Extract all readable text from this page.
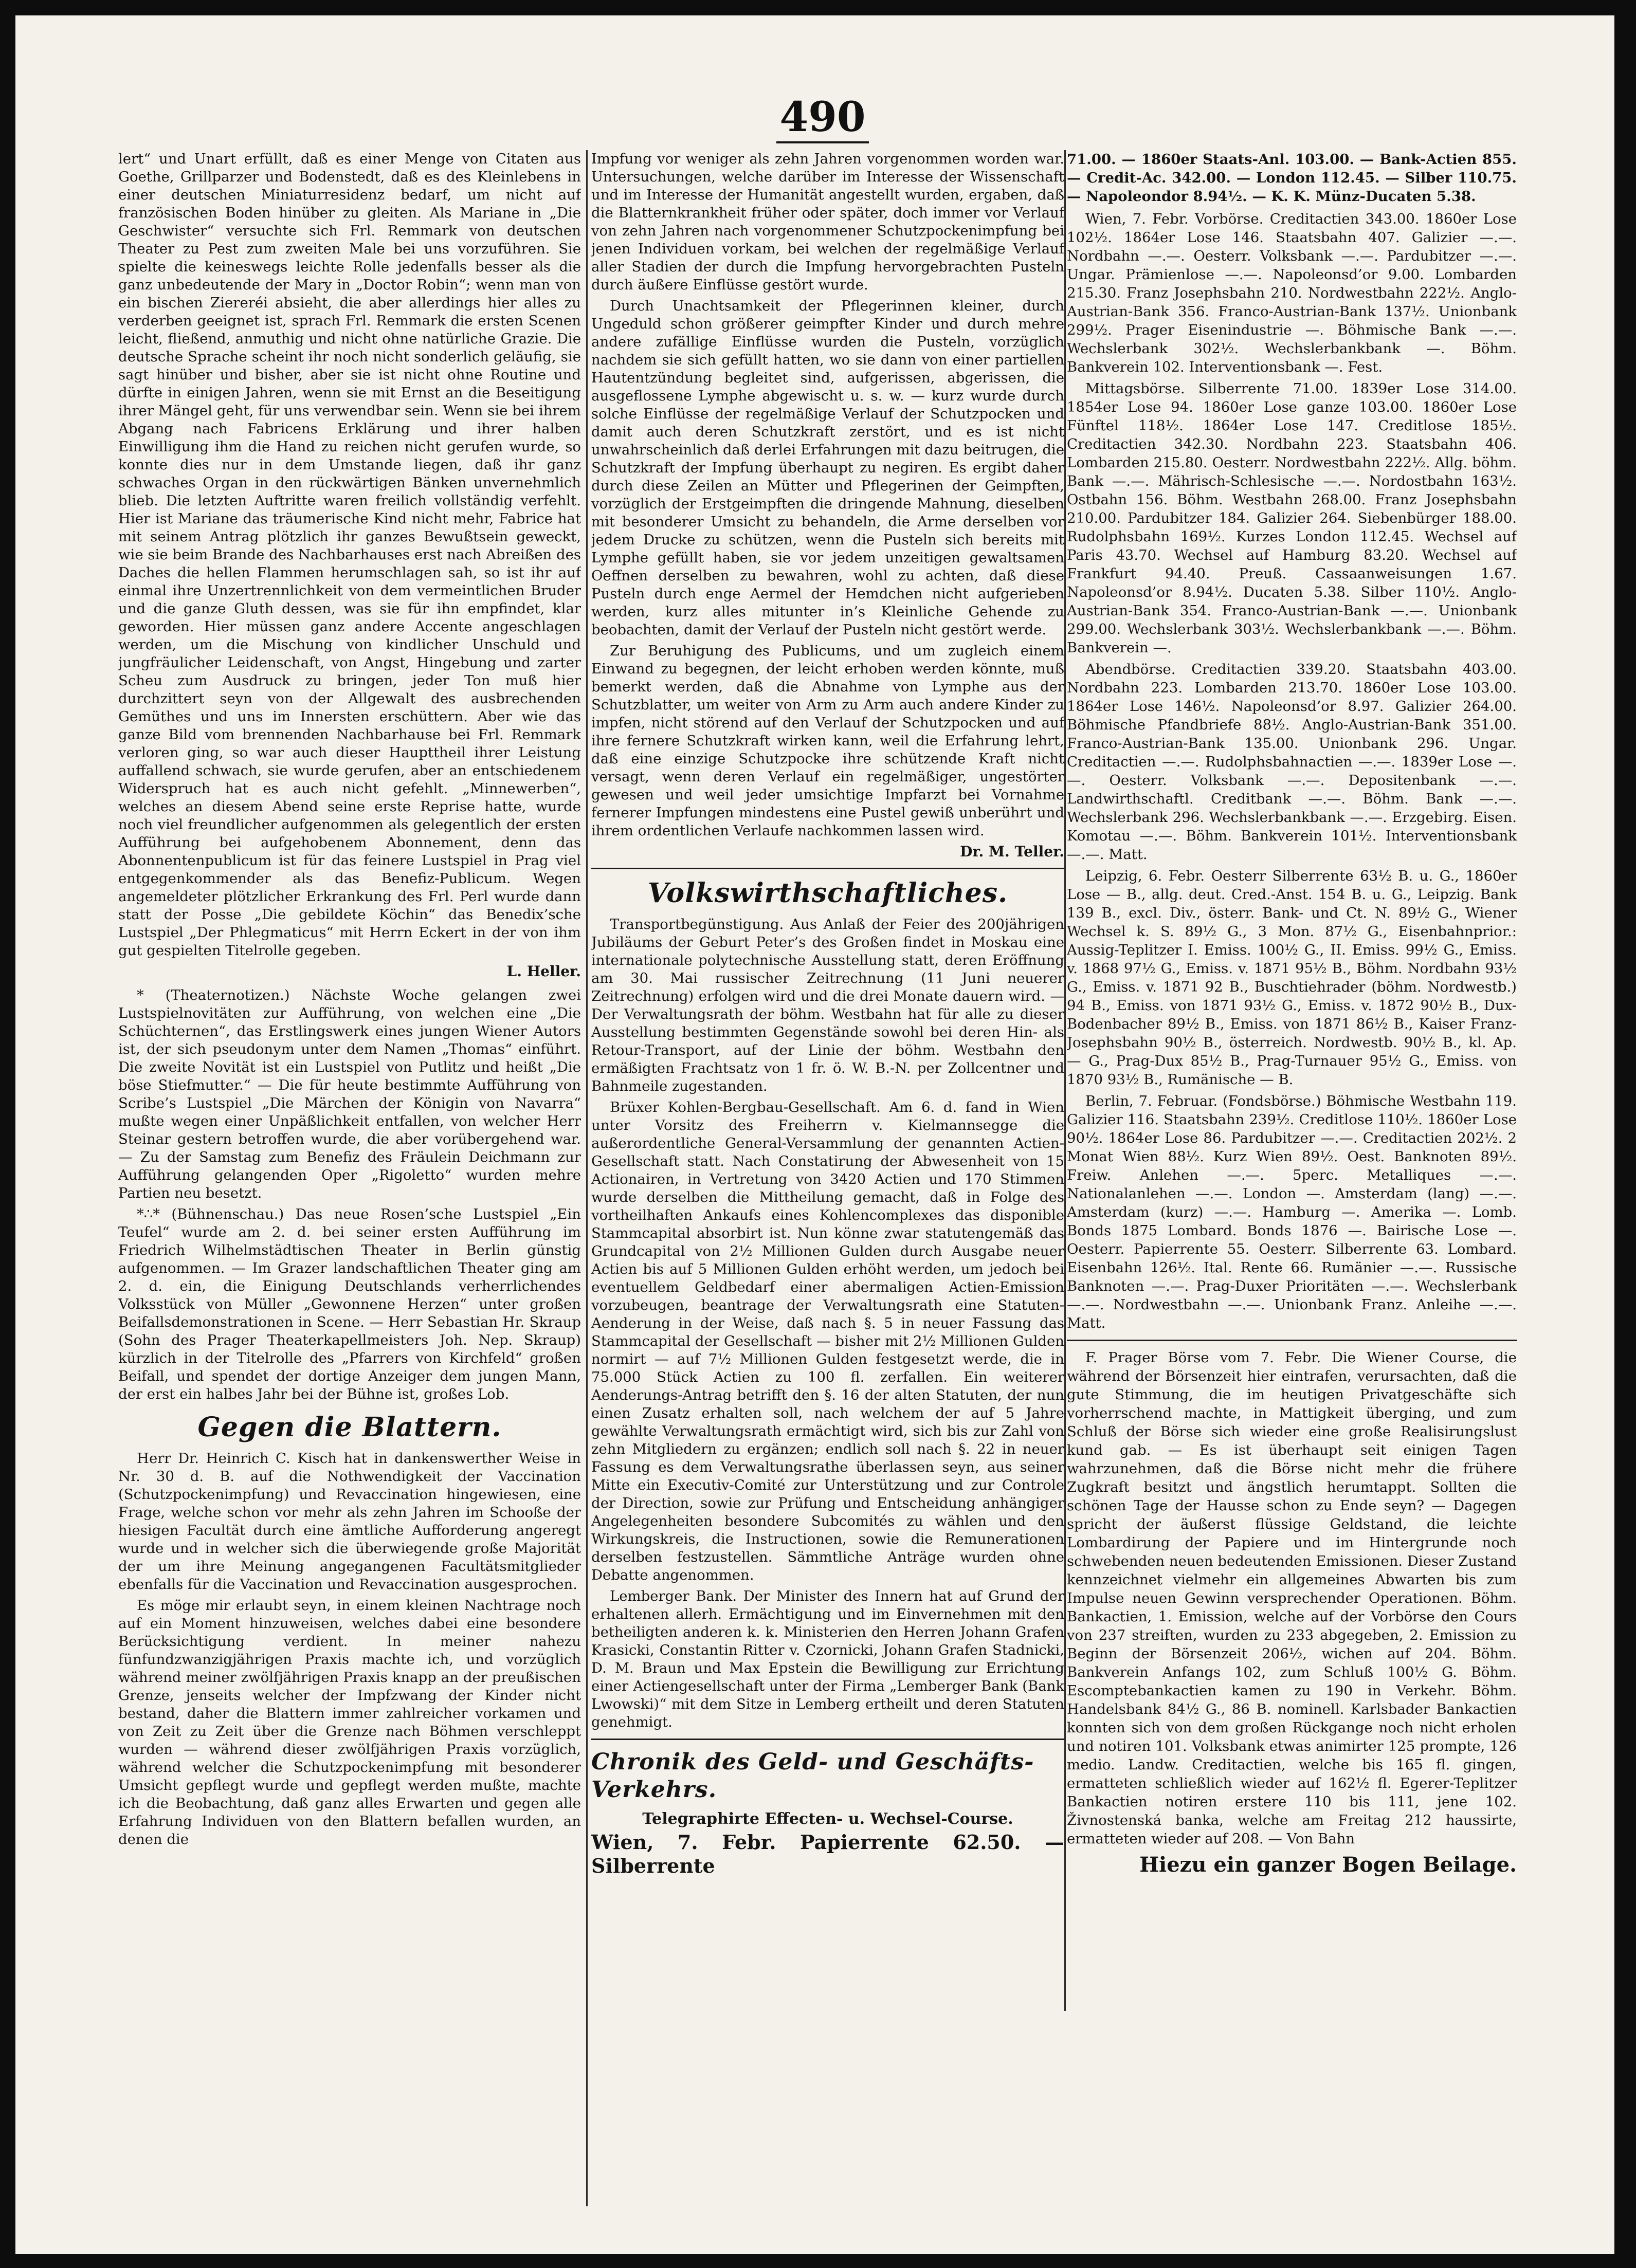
490

lert“ und Unart erfüllt, daß es einer Menge von Citaten aus Goethe, Grillparzer und Bodenstedt, daß es des Kleinlebens in einer deutschen Miniaturresidenz bedarf, um nicht auf französischen Boden hinüber zu gleiten. Als Mariane in „Die Geschwister“ versuchte sich Frl. Remmark von deutschen Theater zu Pest zum zweiten Male bei uns vorzuführen. Sie spielte die keineswegs leichte Rolle jedenfalls besser als die ganz unbedeutende der Mary in „Doctor Robin“; wenn man von ein bischen Ziereréi absieht, die aber allerdings hier alles zu verderben geeignet ist, sprach Frl. Remmark die ersten Scenen leicht, fließend, anmuthig und nicht ohne natürliche Grazie. Die deutsche Sprache scheint ihr noch nicht sonderlich geläufig, sie sagt hinüber und bisher, aber sie ist nicht ohne Routine und dürfte in einigen Jahren, wenn sie mit Ernst an die Beseitigung ihrer Mängel geht, für uns verwendbar sein. Wenn sie bei ihrem Abgang nach Fabricens Erklärung und ihrer halben Einwilligung ihm die Hand zu reichen nicht gerufen wurde, so konnte dies nur in dem Umstande liegen, daß ihr ganz schwaches Organ in den rückwärtigen Bänken unvernehmlich blieb. Die letzten Auftritte waren freilich vollständig verfehlt. Hier ist Mariane das träumerische Kind nicht mehr, Fabrice hat mit seinem Antrag plötzlich ihr ganzes Bewußtsein geweckt, wie sie beim Brande des Nachbarhauses erst nach Abreißen des Daches die hellen Flammen herumschlagen sah, so ist ihr auf einmal ihre Unzertrennlichkeit von dem vermeintlichen Bruder und die ganze Gluth dessen, was sie für ihn empfindet, klar geworden. Hier müssen ganz andere Accente angeschlagen werden, um die Mischung von kindlicher Unschuld und jungfräulicher Leidenschaft, von Angst, Hingebung und zarter Scheu zum Ausdruck zu bringen, jeder Ton muß hier durchzittert seyn von der Allgewalt des ausbrechenden Gemüthes und uns im Innersten erschüttern. Aber wie das ganze Bild vom brennenden Nachbarhause bei Frl. Remmark verloren ging, so war auch dieser Haupttheil ihrer Leistung auffallend schwach, sie wurde gerufen, aber an entschiedenem Widerspruch hat es auch nicht gefehlt. „Minnewerben“, welches an diesem Abend seine erste Reprise hatte, wurde noch viel freundlicher aufgenommen als gelegentlich der ersten Aufführung bei aufgehobenem Abonnement, denn das Abonnentenpublicum ist für das feinere Lustspiel in Prag viel entgegenkommender als das Benefiz-Publicum. Wegen angemeldeter plötzlicher Erkrankung des Frl. Perl wurde dann statt der Posse „Die gebildete Köchin“ das Benedix’sche Lustspiel „Der Phlegmaticus“ mit Herrn Eckert in der von ihm gut gespielten Titelrolle gegeben.

L. Heller.

* (Theaternotizen.) Nächste Woche gelangen zwei Lustspielnovitäten zur Aufführung, von welchen eine „Die Schüchternen“, das Erstlingswerk eines jungen Wiener Autors ist, der sich pseudonym unter dem Namen „Thomas“ einführt. Die zweite Novität ist ein Lustspiel von Putlitz und heißt „Die böse Stiefmutter.“ — Die für heute bestimmte Aufführung von Scribe’s Lustspiel „Die Märchen der Königin von Navarra“ mußte wegen einer Unpäßlichkeit entfallen, von welcher Herr Steinar gestern betroffen wurde, die aber vorübergehend war. — Zu der Samstag zum Benefiz des Fräulein Deichmann zur Aufführung gelangenden Oper „Rigoletto“ wurden mehre Partien neu besetzt.

*∴* (Bühnenschau.) Das neue Rosen’sche Lustspiel „Ein Teufel“ wurde am 2. d. bei seiner ersten Aufführung im Friedrich Wilhelmstädtischen Theater in Berlin günstig aufgenommen. — Im Grazer landschaftlichen Theater ging am 2. d. ein, die Einigung Deutschlands verherrlichendes Volksstück von Müller „Gewonnene Herzen“ unter großen Beifallsdemonstrationen in Scene. — Herr Sebastian Hr. Skraup (Sohn des Prager Theaterkapellmeisters Joh. Nep. Skraup) kürzlich in der Titelrolle des „Pfarrers von Kirchfeld“ großen Beifall, und spendet der dortige Anzeiger dem jungen Mann, der erst ein halbes Jahr bei der Bühne ist, großes Lob.

Gegen die Blattern.

Herr Dr. Heinrich C. Kisch hat in dankenswerther Weise in Nr. 30 d. B. auf die Nothwendigkeit der Vaccination (Schutzpockenimpfung) und Revaccination hingewiesen, eine Frage, welche schon vor mehr als zehn Jahren im Schooße der hiesigen Facultät durch eine ämtliche Aufforderung angeregt wurde und in welcher sich die überwiegende große Majorität der um ihre Meinung angegangenen Facultätsmitglieder ebenfalls für die Vaccination und Revaccination ausgesprochen.

Es möge mir erlaubt seyn, in einem kleinen Nachtrage noch auf ein Moment hinzuweisen, welches dabei eine besondere Berücksichtigung verdient. In meiner nahezu fünfundzwanzigjährigen Praxis machte ich, und vorzüglich während meiner zwölfjährigen Praxis knapp an der preußischen Grenze, jenseits welcher der Impfzwang der Kinder nicht bestand, daher die Blattern immer zahlreicher vorkamen und von Zeit zu Zeit über die Grenze nach Böhmen verschleppt wurden — während dieser zwölfjährigen Praxis vorzüglich, während welcher die Schutzpockenimpfung mit besonderer Umsicht gepflegt wurde und gepflegt werden mußte, machte ich die Beobachtung, daß ganz alles Erwarten und gegen alle Erfahrung Individuen von den Blattern befallen wurden, an denen die

Impfung vor weniger als zehn Jahren vorgenommen worden war. Untersuchungen, welche darüber im Interesse der Wissenschaft und im Interesse der Humanität angestellt wurden, ergaben, daß die Blatternkrankheit früher oder später, doch immer vor Verlauf von zehn Jahren nach vorgenommener Schutzpockenimpfung bei jenen Individuen vorkam, bei welchen der regelmäßige Verlauf aller Stadien der durch die Impfung hervorgebrachten Pusteln durch äußere Einflüsse gestört wurde.

Durch Unachtsamkeit der Pflegerinnen kleiner, durch Ungeduld schon größerer geimpfter Kinder und durch mehre andere zufällige Einflüsse wurden die Pusteln, vorzüglich nachdem sie sich gefüllt hatten, wo sie dann von einer partiellen Hautentzündung begleitet sind, aufgerissen, abgerissen, die ausgeflossene Lymphe abgewischt u. s. w. — kurz wurde durch solche Einflüsse der regelmäßige Verlauf der Schutzpocken und damit auch deren Schutzkraft zerstört, und es ist nicht unwahrscheinlich daß derlei Erfahrungen mit dazu beitrugen, die Schutzkraft der Impfung überhaupt zu negiren. Es ergibt daher durch diese Zeilen an Mütter und Pflegerinen der Geimpften, vorzüglich der Erstgeimpften die dringende Mahnung, dieselben mit besonderer Umsicht zu behandeln, die Arme derselben vor jedem Drucke zu schützen, wenn die Pusteln sich bereits mit Lymphe gefüllt haben, sie vor jedem unzeitigen gewaltsamen Oeffnen derselben zu bewahren, wohl zu achten, daß diese Pusteln durch enge Aermel der Hemdchen nicht aufgerieben werden, kurz alles mitunter in’s Kleinliche Gehende zu beobachten, damit der Verlauf der Pusteln nicht gestört werde.

Zur Beruhigung des Publicums, und um zugleich einem Einwand zu begegnen, der leicht erhoben werden könnte, muß bemerkt werden, daß die Abnahme von Lymphe aus der Schutzblatter, um weiter von Arm zu Arm auch andere Kinder zu impfen, nicht störend auf den Verlauf der Schutzpocken und auf ihre fernere Schutzkraft wirken kann, weil die Erfahrung lehrt, daß eine einzige Schutzpocke ihre schützende Kraft nicht versagt, wenn deren Verlauf ein regelmäßiger, ungestörter gewesen und weil jeder umsichtige Impfarzt bei Vornahme fernerer Impfungen mindestens eine Pustel gewiß unberührt und ihrem ordentlichen Verlaufe nachkommen lassen wird.

Dr. M. Teller.
Volkswirthschaftliches.

Transportbegünstigung. Aus Anlaß der Feier des 200jährigen Jubiläums der Geburt Peter’s des Großen findet in Moskau eine internationale polytechnische Ausstellung statt, deren Eröffnung am 30. Mai russischer Zeitrechnung (11 Juni neuerer Zeitrechnung) erfolgen wird und die drei Monate dauern wird. — Der Verwaltungsrath der böhm. Westbahn hat für alle zu dieser Ausstellung bestimmten Gegenstände sowohl bei deren Hin- als Retour-Transport, auf der Linie der böhm. Westbahn den ermäßigten Frachtsatz von 1 fr. ö. W. B.-N. per Zollcentner und Bahnmeile zugestanden.

Brüxer Kohlen-Bergbau-Gesellschaft. Am 6. d. fand in Wien unter Vorsitz des Freiherrn v. Kielmannsegge die außerordentliche General-Versammlung der genannten Actien-Gesellschaft statt. Nach Constatirung der Abwesenheit von 15 Actionairen, in Vertretung von 3420 Actien und 170 Stimmen wurde derselben die Mittheilung gemacht, daß in Folge des vortheilhaften Ankaufs eines Kohlencomplexes das disponible Stammcapital absorbirt ist. Nun könne zwar statutengemäß das Grundcapital von 2½ Millionen Gulden durch Ausgabe neuer Actien bis auf 5 Millionen Gulden erhöht werden, um jedoch bei eventuellem Geldbedarf einer abermaligen Actien-Emission vorzubeugen, beantrage der Verwaltungsrath eine Statuten-Aenderung in der Weise, daß nach §. 5 in neuer Fassung das Stammcapital der Gesellschaft — bisher mit 2½ Millionen Gulden normirt — auf 7½ Millionen Gulden festgesetzt werde, die in 75.000 Stück Actien zu 100 fl. zerfallen. Ein weiterer Aenderungs-Antrag betrifft den §. 16 der alten Statuten, der nun einen Zusatz erhalten soll, nach welchem der auf 5 Jahre gewählte Verwaltungsrath ermächtigt wird, sich bis zur Zahl von zehn Mitgliedern zu ergänzen; endlich soll nach §. 22 in neuer Fassung es dem Verwaltungsrathe überlassen seyn, aus seiner Mitte ein Executiv-Comité zur Unterstützung und zur Controle der Direction, sowie zur Prüfung und Entscheidung anhängiger Angelegenheiten besondere Subcomités zu wählen und den Wirkungskreis, die Instructionen, sowie die Remunerationen derselben festzustellen. Sämmtliche Anträge wurden ohne Debatte angenommen.

Lemberger Bank. Der Minister des Innern hat auf Grund der erhaltenen allerh. Ermächtigung und im Einvernehmen mit den betheiligten anderen k. k. Ministerien den Herren Johann Grafen Krasicki, Constantin Ritter v. Czornicki, Johann Grafen Stadnicki, D. M. Braun und Max Epstein die Bewilligung zur Errichtung einer Actiengesellschaft unter der Firma „Lemberger Bank (Bank Lwowski)“ mit dem Sitze in Lemberg ertheilt und deren Statuten genehmigt.

Chronik des Geld- und Geschäfts-Verkehrs.
Telegraphirte Effecten- u. Wechsel-Course.

Wien, 7. Febr. Papierrente 62.50. — Silberrente

71.00. — 1860er Staats-Anl. 103.00. — Bank-Actien 855. — Credit-Ac. 342.00. — London 112.45. — Silber 110.75. — Napoleondor 8.94½. — K. K. Münz-Ducaten 5.38.

Wien, 7. Febr. Vorbörse. Creditactien 343.00. 1860er Lose 102½. 1864er Lose 146. Staatsbahn 407. Galizier —.—. Nordbahn —.—. Oesterr. Volksbank —.—. Pardubitzer —.—. Ungar. Prämienlose —.—. Napoleonsd’or 9.00. Lombarden 215.30. Franz Josephsbahn 210. Nordwestbahn 222½. Anglo-Austrian-Bank 356. Franco-Austrian-Bank 137½. Unionbank 299½. Prager Eisenindustrie —. Böhmische Bank —.—. Wechslerbank 302½. Wechslerbankbank —. Böhm. Bankverein 102. Interventionsbank —. Fest.

Mittagsbörse. Silberrente 71.00. 1839er Lose 314.00. 1854er Lose 94. 1860er Lose ganze 103.00. 1860er Lose Fünftel 118½. 1864er Lose 147. Creditlose 185½. Creditactien 342.30. Nordbahn 223. Staatsbahn 406. Lombarden 215.80. Oesterr. Nordwestbahn 222½. Allg. böhm. Bank —.—. Mährisch-Schlesische —.—. Nordostbahn 163½. Ostbahn 156. Böhm. Westbahn 268.00. Franz Josephsbahn 210.00. Pardubitzer 184. Galizier 264. Siebenbürger 188.00. Rudolphsbahn 169½. Kurzes London 112.45. Wechsel auf Paris 43.70. Wechsel auf Hamburg 83.20. Wechsel auf Frankfurt 94.40. Preuß. Cassaanweisungen 1.67. Napoleonsd’or 8.94½. Ducaten 5.38. Silber 110½. Anglo-Austrian-Bank 354. Franco-Austrian-Bank —.—. Unionbank 299.00. Wechslerbank 303½. Wechslerbankbank —.—. Böhm. Bankverein —.

Abendbörse. Creditactien 339.20. Staatsbahn 403.00. Nordbahn 223. Lombarden 213.70. 1860er Lose 103.00. 1864er Lose 146½. Napoleonsd’or 8.97. Galizier 264.00. Böhmische Pfandbriefe 88½. Anglo-Austrian-Bank 351.00. Franco-Austrian-Bank 135.00. Unionbank 296. Ungar. Creditactien —.—. Rudolphsbahnactien —.—. 1839er Lose —.—. Oesterr. Volksbank —.—. Depositenbank —.—. Landwirthschaftl. Creditbank —.—. Böhm. Bank —.—. Wechslerbank 296. Wechslerbankbank —.—. Erzgebirg. Eisen. Komotau —.—. Böhm. Bankverein 101½. Interventionsbank —.—. Matt.

Leipzig, 6. Febr. Oesterr Silberrente 63½ B. u. G., 1860er Lose — B., allg. deut. Cred.-Anst. 154 B. u. G., Leipzig. Bank 139 B., excl. Div., österr. Bank- und Ct. N. 89½ G., Wiener Wechsel k. S. 89½ G., 3 Mon. 87½ G., Eisenbahnprior.: Aussig-Teplitzer I. Emiss. 100½ G., II. Emiss. 99½ G., Emiss. v. 1868 97½ G., Emiss. v. 1871 95½ B., Böhm. Nordbahn 93½ G., Emiss. v. 1871 92 B., Buschtiehrader (böhm. Nordwestb.) 94 B., Emiss. von 1871 93½ G., Emiss. v. 1872 90½ B., Dux-Bodenbacher 89½ B., Emiss. von 1871 86½ B., Kaiser Franz-Josephsbahn 90½ B., österreich. Nordwestb. 90½ B., kl. Ap. — G., Prag-Dux 85½ B., Prag-Turnauer 95½ G., Emiss. von 1870 93½ B., Rumänische — B.

Berlin, 7. Februar. (Fondsbörse.) Böhmische Westbahn 119. Galizier 116. Staatsbahn 239½. Creditlose 110½. 1860er Lose 90½. 1864er Lose 86. Pardubitzer —.—. Creditactien 202½. 2 Monat Wien 88½. Kurz Wien 89½. Oest. Banknoten 89½. Freiw. Anlehen —.—. 5perc. Metalliques —.—. Nationalanlehen —.—. London —. Amsterdam (lang) —.—. Amsterdam (kurz) —.—. Hamburg —. Amerika —. Lomb. Bonds 1875 Lombard. Bonds 1876 —. Bairische Lose —. Oesterr. Papierrente 55. Oesterr. Silberrente 63. Lombard. Eisenbahn 126½. Ital. Rente 66. Rumänier —.—. Russische Banknoten —.—. Prag-Duxer Prioritäten —.—. Wechslerbank —.—. Nordwestbahn —.—. Unionbank Franz. Anleihe —.—. Matt.

F. Prager Börse vom 7. Febr. Die Wiener Course, die während der Börsenzeit hier eintrafen, verursachten, daß die gute Stimmung, die im heutigen Privatgeschäfte sich vorherrschend machte, in Mattigkeit überging, und zum Schluß der Börse sich wieder eine große Realisirungslust kund gab. — Es ist überhaupt seit einigen Tagen wahrzunehmen, daß die Börse nicht mehr die frühere Zugkraft besitzt und ängstlich herumtappt. Sollten die schönen Tage der Hausse schon zu Ende seyn? — Dagegen spricht der äußerst flüssige Geldstand, die leichte Lombardirung der Papiere und im Hintergrunde noch schwebenden neuen bedeutenden Emissionen. Dieser Zustand kennzeichnet vielmehr ein allgemeines Abwarten bis zum Impulse neuen Gewinn versprechender Operationen. Böhm. Bankactien, 1. Emission, welche auf der Vorbörse den Cours von 237 streiften, wurden zu 233 abgegeben, 2. Emission zu Beginn der Börsenzeit 206½, wichen auf 204. Böhm. Bankverein Anfangs 102, zum Schluß 100½ G. Böhm. Escomptebankactien kamen zu 190 in Verkehr. Böhm. Handelsbank 84½ G., 86 B. nominell. Karlsbader Bankactien konnten sich von dem großen Rückgange noch nicht erholen und notiren 101. Volksbank etwas animirter 125 prompte, 126 medio. Landw. Creditactien, welche bis 165 fl. gingen, ermatteten schließlich wieder auf 162½ fl. Egerer-Teplitzer Bankactien notiren erstere 110 bis 111, jene 102. Živnostenská banka, welche am Freitag 212 haussirte, ermatteten wieder auf 208. — Von Bahn

Hiezu ein ganzer Bogen Beilage.
